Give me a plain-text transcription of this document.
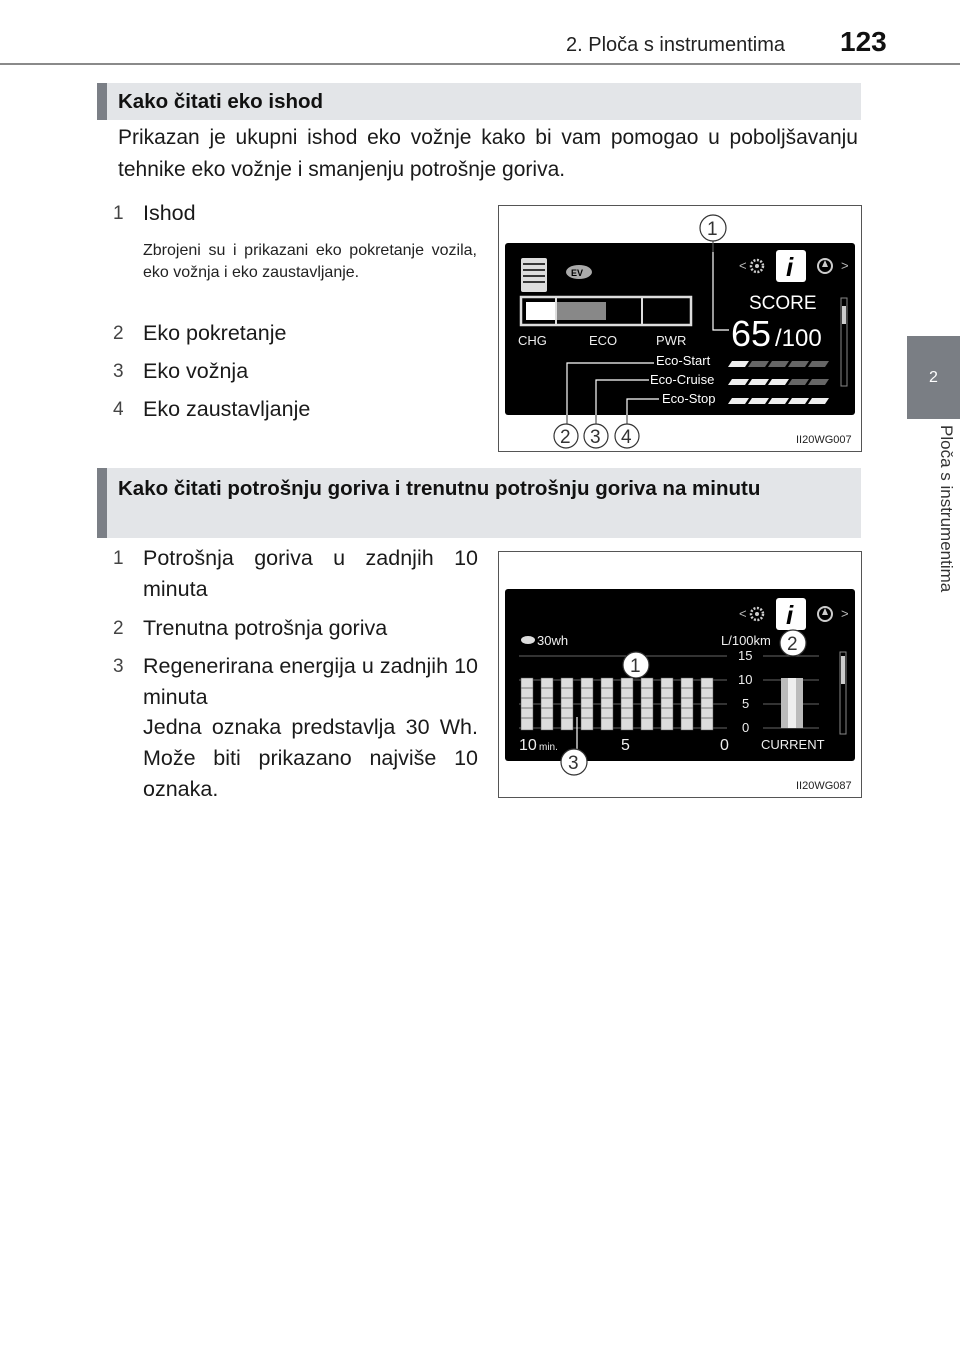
2. Ploča s instrumentima 123
2
Ploča s instrumentima
Kako čitati eko ishod
Prikazan je ukupni ishod eko vožnje kako bi vam pomogao u poboljšavanju tehnike eko vožnje i smanjenju potrošnje goriva.
1 Ishod
Zbrojeni su i prikazani eko pokretanje vozila, eko vožnja i eko zaustavljanje.
2 Eko pokretanje
3 Eko vožnja
4 Eko zaustavljanje
< i	>
EV
CHG	ECO	PWR
SCORE
65 /100
Eco-Start
Eco-Cruise
Eco-Stop
1
2 3 4	II20WG007
Kako čitati potrošnju goriva i trenutnu potrošnju goriva na minutu
1 Potrošnja goriva u zadnjih 10 minuta
2 Trenutna potrošnja goriva
3 Regenerirana energija u zadnjih 10 minuta
Jedna oznaka predstavlja 30 Wh. Može biti prikazano najviše 10 oznaka.
< i	>
30wh	L/100km
15
10
5
0
10 min.	5	0 CURRENT
1
2
3
II20WG087
